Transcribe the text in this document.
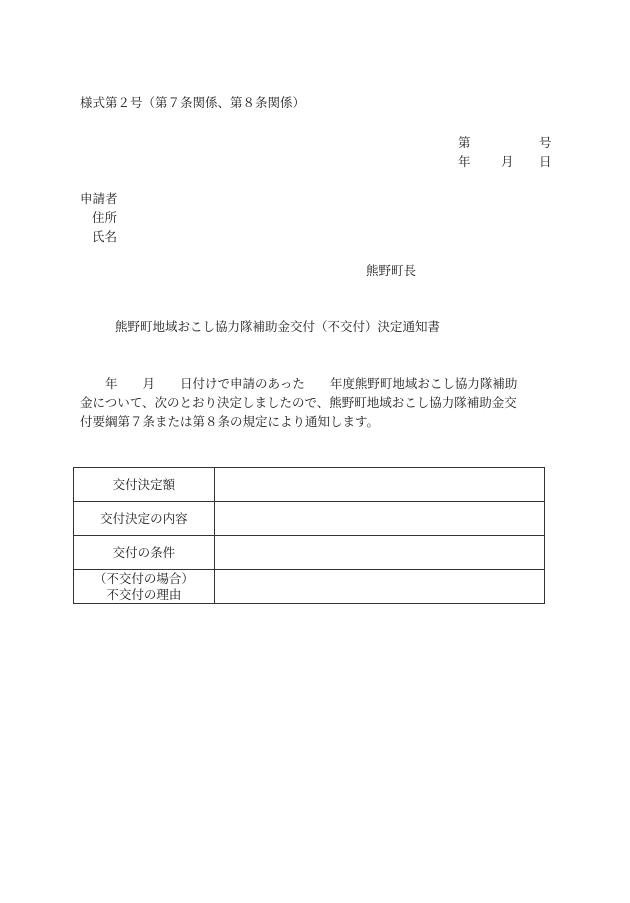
様式第２号（第７条関係、第８条関係）
第	号
年 月 日
申請者
住所
氏名
熊野町長
熊野町地域おこし協力隊補助金交付（不交付）決定通知書
　　年　　月　　日付けで申請のあった　　年度熊野町地域おこし協力隊補助
金について、次のとおり決定しましたので、熊野町地域おこし協力隊補助金交
付要綱第７条または第８条の規定により通知します。
交付決定額	
交付決定の内容	
交付の条件	

（不交付の場合）
不交付の理由	
